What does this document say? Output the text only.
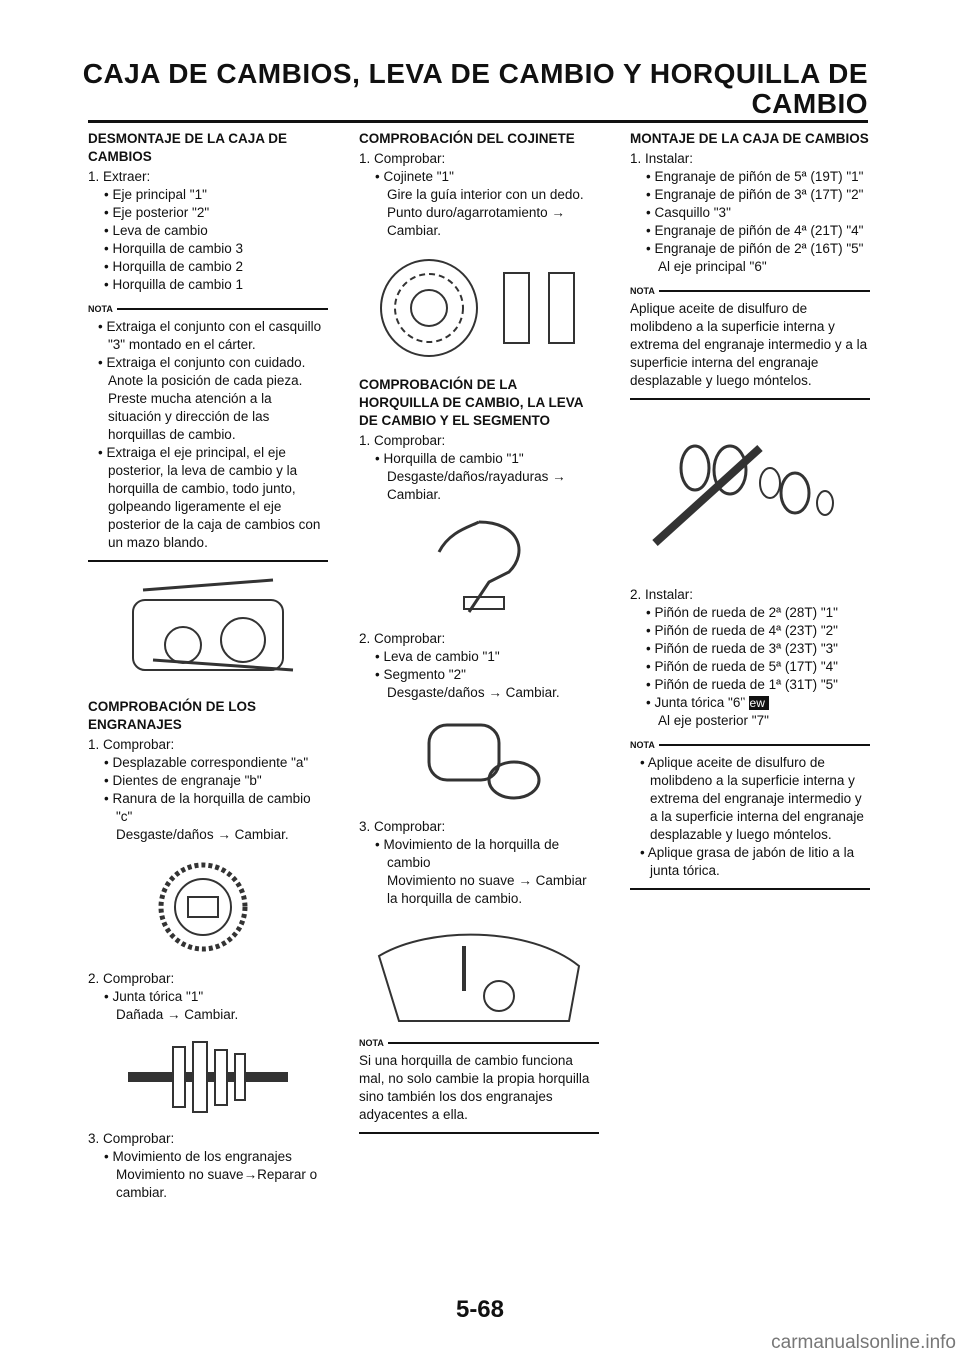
CAJA DE CAMBIOS, LEVA DE CAMBIO Y HORQUILLA DE
CAMBIO

DESMONTAJE DE LA CAJA DE CAMBIOS

1. Extraer:

• Eje principal "1"

• Eje posterior "2"

• Leva de cambio

• Horquilla de cambio 3

• Horquilla de cambio 2

• Horquilla de cambio 1

NOTA

• Extraiga el conjunto con el casquillo "3" montado en el cárter.

• Extraiga el conjunto con cuidado. Anote la posición de cada pieza. Preste mucha atención a la situación y dirección de las horquillas de cambio.

• Extraiga el eje principal, el eje posterior, la leva de cambio y la horquilla de cambio, todo junto, golpeando ligeramente el eje posterior de la caja de cambios con un mazo blando.

COMPROBACIÓN DE LOS ENGRANAJES

1. Comprobar:

• Desplazable correspondiente "a"

• Dientes de engranaje "b"

• Ranura de la horquilla de cambio "c"

Desgaste/daños → Cambiar.

2. Comprobar:

• Junta tórica "1"

Dañada → Cambiar.

3. Comprobar:

• Movimiento de los engranajes

Movimiento no suave→Reparar o cambiar.

COMPROBACIÓN DEL COJINETE

1. Comprobar:

• Cojinete "1"

Gire la guía interior con un dedo.

Punto duro/agarrotamiento → Cambiar.

COMPROBACIÓN DE LA HORQUILLA DE CAMBIO, LA LEVA DE CAMBIO Y EL SEGMENTO

1. Comprobar:

• Horquilla de cambio "1"

Desgaste/daños/rayaduras → Cambiar.

2. Comprobar:

• Leva de cambio "1"

• Segmento "2"

Desgaste/daños → Cambiar.

3. Comprobar:

• Movimiento de la horquilla de cambio

Movimiento no suave → Cambiar la horquilla de cambio.

NOTA

Si una horquilla de cambio funciona mal, no solo cambie la propia horquilla sino también los dos engranajes adyacentes a ella.

MONTAJE DE LA CAJA DE CAMBIOS

1. Instalar:

• Engranaje de piñón de 5ª (19T) "1"

• Engranaje de piñón de 3ª (17T) "2"

• Casquillo "3"

• Engranaje de piñón de 4ª (21T) "4"

• Engranaje de piñón de 2ª (16T) "5"

Al eje principal "6"

NOTA

Aplique aceite de disulfuro de molibdeno a la superficie interna y extrema del engranaje intermedio y a la superficie interna del engranaje desplazable y luego móntelos.

2. Instalar:

• Piñón de rueda de 2ª (28T) "1"

• Piñón de rueda de 4ª (23T) "2"

• Piñón de rueda de 3ª (23T) "3"

• Piñón de rueda de 5ª (17T) "4"

• Piñón de rueda de 1ª (31T) "5"

• Junta tórica "6" New

Al eje posterior "7"

NOTA

• Aplique aceite de disulfuro de molibdeno a la superficie interna y extrema del engranaje intermedio y a la superficie interna del engranaje desplazable y luego móntelos.

• Aplique grasa de jabón de litio a la junta tórica.

5-68
carmanualsonline.info
